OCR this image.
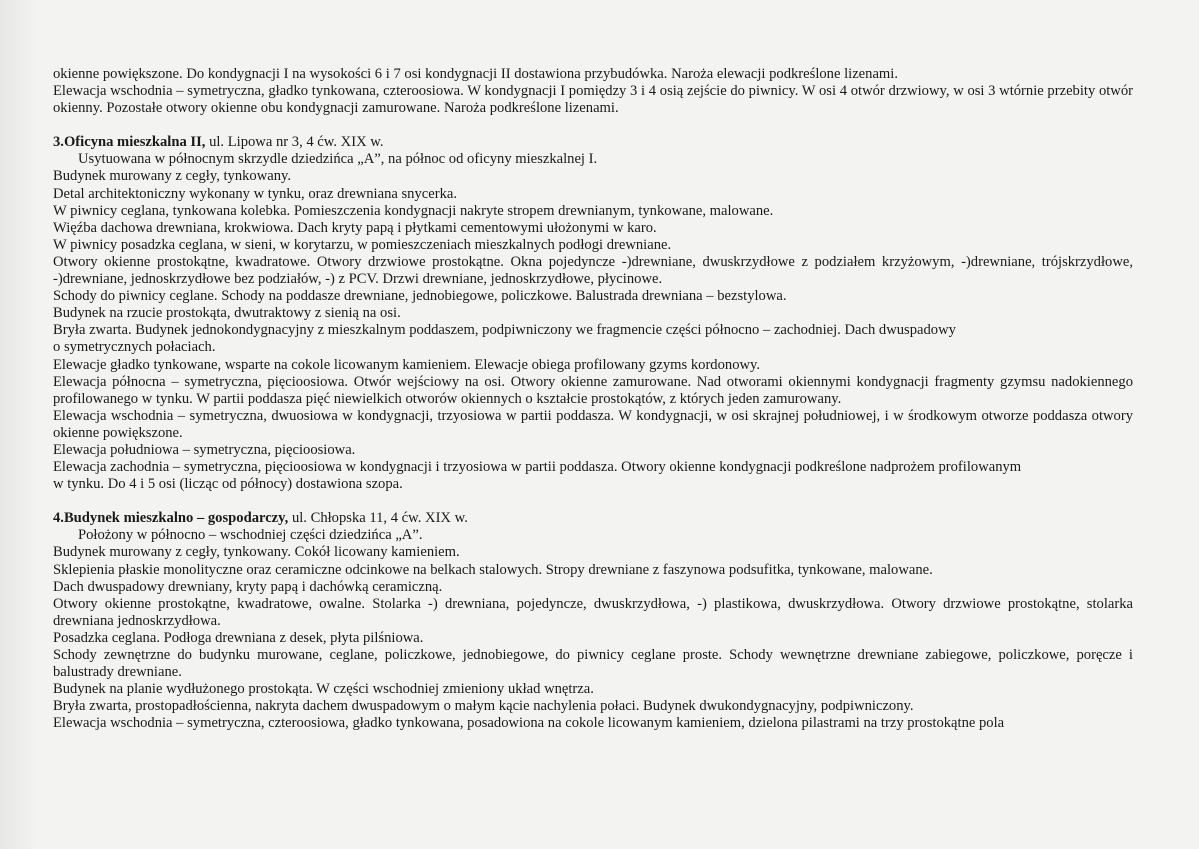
okienne powiększone. Do kondygnacji I na wysokości 6 i 7 osi kondygnacji II dostawiona przybudówka. Naroża elewacji podkreślone lizenami.

Elewacja wschodnia – symetryczna, gładko tynkowana, czteroosiowa. W kondygnacji I pomiędzy 3 i 4 osią zejście do piwnicy. W osi 4 otwór drzwiowy, w osi 3 wtórnie przebity otwór okienny. Pozostałe otwory okienne obu kondygnacji zamurowane. Naroża podkreślone lizenami.

3.Oficyna mieszkalna II, ul. Lipowa nr 3, 4 ćw. XIX w.

Usytuowana w północnym skrzydle dziedzińca „A”, na północ od oficyny mieszkalnej I.

Budynek murowany z cegły, tynkowany.

Detal architektoniczny wykonany w tynku, oraz drewniana snycerka.

W piwnicy ceglana, tynkowana kolebka. Pomieszczenia kondygnacji nakryte stropem drewnianym, tynkowane, malowane.

Więźba dachowa drewniana, krokwiowa. Dach kryty papą i płytkami cementowymi ułożonymi w karo.

W piwnicy posadzka ceglana, w sieni, w korytarzu, w pomieszczeniach mieszkalnych podłogi drewniane.

Otwory okienne prostokątne, kwadratowe. Otwory drzwiowe prostokątne. Okna pojedyncze -)drewniane, dwuskrzydłowe z podziałem krzyżowym, -)drewniane, trójskrzydłowe, -)drewniane, jednoskrzydłowe bez podziałów, -) z PCV. Drzwi drewniane, jednoskrzydłowe, płycinowe.

Schody do piwnicy ceglane. Schody na poddasze drewniane, jednobiegowe, policzkowe. Balustrada drewniana – bezstylowa.

Budynek na rzucie prostokąta, dwutraktowy z sienią na osi.

Bryła zwarta. Budynek jednokondygnacyjny z mieszkalnym poddaszem, podpiwniczony we fragmencie części północno – zachodniej. Dach dwuspadowy

o symetrycznych połaciach.

Elewacje gładko tynkowane, wsparte na cokole licowanym kamieniem. Elewacje obiega profilowany gzyms kordonowy.

Elewacja północna – symetryczna, pięcioosiowa. Otwór wejściowy na osi. Otwory okienne zamurowane. Nad otworami okiennymi kondygnacji fragmenty gzymsu nadokiennego profilowanego w tynku. W partii poddasza pięć niewielkich otworów okiennych o kształcie prostokątów, z których jeden zamurowany.

Elewacja wschodnia – symetryczna, dwuosiowa w kondygnacji, trzyosiowa w partii poddasza. W kondygnacji, w osi skrajnej południowej, i w środkowym otworze poddasza otwory okienne powiększone.

Elewacja południowa – symetryczna, pięcioosiowa.

Elewacja zachodnia – symetryczna, pięcioosiowa w kondygnacji i trzyosiowa w partii poddasza. Otwory okienne kondygnacji podkreślone nadprożem profilowanym

w tynku. Do 4 i 5 osi (licząc od północy) dostawiona szopa.

4.Budynek mieszkalno – gospodarczy, ul. Chłopska 11, 4 ćw. XIX w.

Położony w północno – wschodniej części dziedzińca „A”.

Budynek murowany z cegły, tynkowany. Cokół licowany kamieniem.

Sklepienia płaskie monolityczne oraz ceramiczne odcinkowe na belkach stalowych. Stropy drewniane z faszynowa podsufitka, tynkowane, malowane.

Dach dwuspadowy drewniany, kryty papą i dachówką ceramiczną.

Otwory okienne prostokątne, kwadratowe, owalne. Stolarka -) drewniana, pojedyncze, dwuskrzydłowa, -) plastikowa, dwuskrzydłowa. Otwory drzwiowe prostokątne, stolarka drewniana jednoskrzydłowa.

Posadzka ceglana. Podłoga drewniana z desek, płyta pilśniowa.

Schody zewnętrzne do budynku murowane, ceglane, policzkowe, jednobiegowe, do piwnicy ceglane proste. Schody wewnętrzne drewniane zabiegowe, policzkowe, poręcze i balustrady drewniane.

Budynek na planie wydłużonego prostokąta. W części wschodniej zmieniony układ wnętrza.

Bryła zwarta, prostopadłościenna, nakryta dachem dwuspadowym o małym kącie nachylenia połaci. Budynek dwukondygnacyjny, podpiwniczony.

Elewacja wschodnia – symetryczna, czteroosiowa, gładko tynkowana, posadowiona na cokole licowanym kamieniem, dzielona pilastrami na trzy prostokątne pola
